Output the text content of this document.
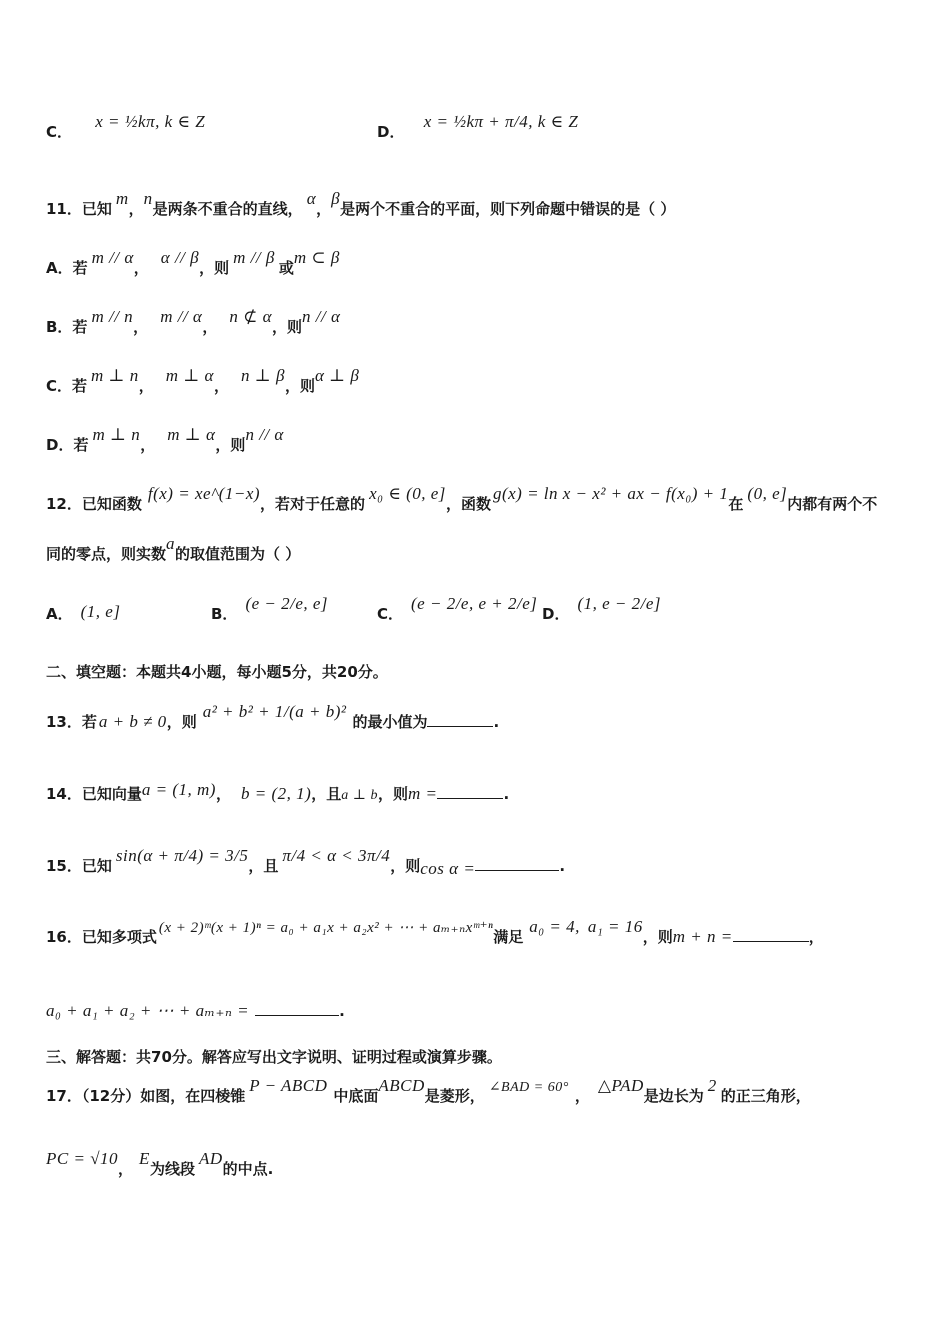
C． x = ½kπ, k ∈ Z
D． x = ½kπ + π/4, k ∈ Z
11．已知m，n是两条不重合的直线，α，β是两个不重合的平面，则下列命题中错误的是（ ）
A．若m // α，α // β，则m // β或m ⊂ β
B．若m // n，m // α，n ⊄ α，则n // α
C．若m ⊥ n，m ⊥ α，n ⊥ β，则α ⊥ β
D．若m ⊥ n，m ⊥ α，则n // α
12．已知函数f(x) = xe^(1−x)，若对于任意的x₀ ∈ (0, e]，函数g(x) = ln x − x² + ax − f(x₀) + 1在(0, e]内都有两个不
同的零点，则实数a的取值范围为（ ）
A． (1, e]	B．(e − 2/e, e]
C．(e − 2/e, e + 2/e]
D．(1, e − 2/e]
二、填空题：本题共4小题，每小题5分，共20分。
13．若 a + b ≠ 0，则a² + b² + 1/(a + b)²的最小值为	.
14．已知向量a = (1, m)， b = (2, 1)，且a ⊥ b，则m =	.
15．已知sin(α + π/4) = 3/5，且π/4 < α < 3π/4，则cos α =	.
16．已知多项式 (x + 2)ᵐ(x + 1)ⁿ = a₀ + a₁x + a₂x² + ⋯ + aₘ₊ₙxᵐ⁺ⁿ满足a₀ = 4, a₁ = 16，则m + n =	，
a₀ + a₁ + a₂ + ⋯ + aₘ₊ₙ =	.
三、解答题：共70分。解答应写出文字说明、证明过程或演算步骤。
17．（12分）如图，在四棱锥P − ABCD中底面ABCD是菱形， ∠BAD = 60° ，△PAD是边长为2的正三角形，
PC = √10，E为线段AD的中点.
